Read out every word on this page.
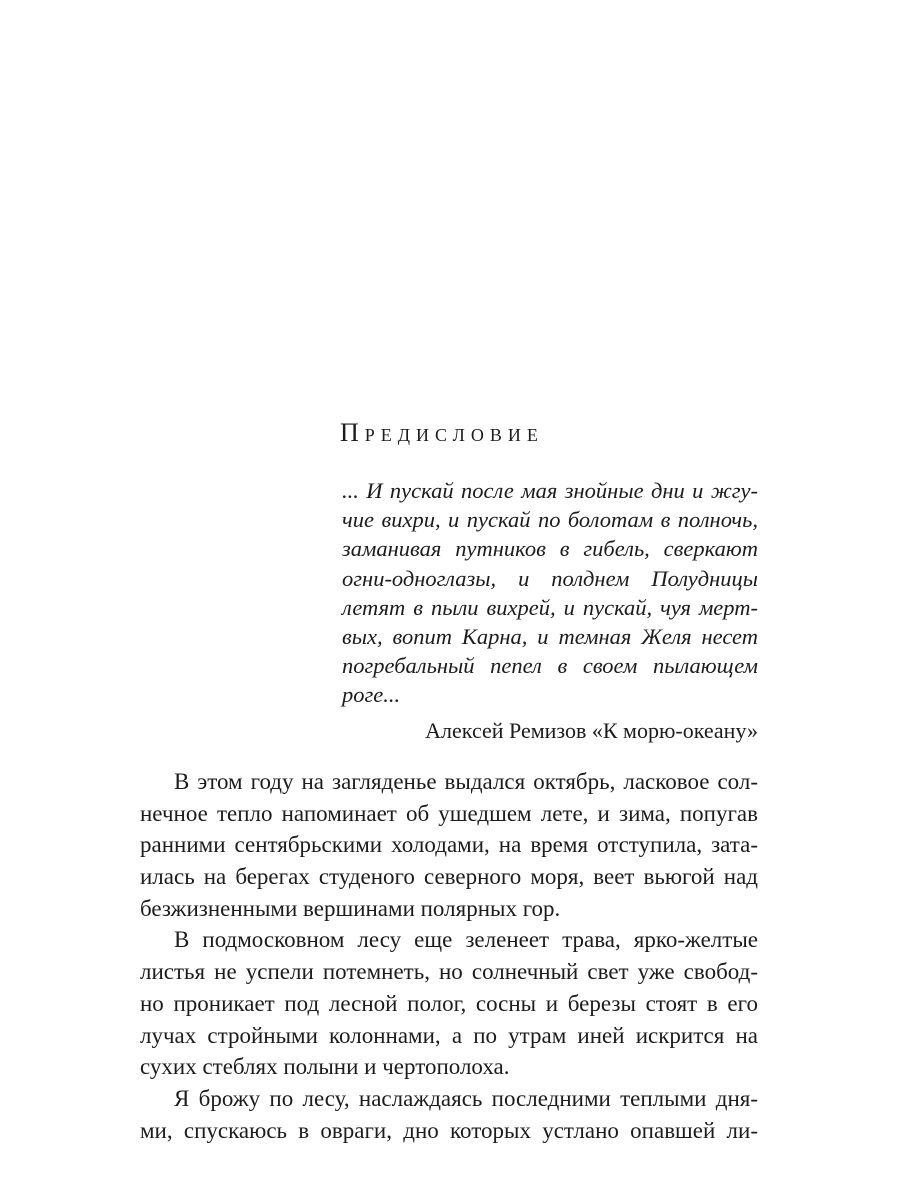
Предисловие
... И пускай после мая знойные дни и жгу-
чие вихри, и пускай по болотам в полночь,
заманивая путников в гибель, сверкают
огни-одноглазы, и полднем Полудницы
летят в пыли вихрей, и пускай, чуя мерт-
вых, вопит Карна, и темная Желя несет
погребальный пепел в своем пылающем
роге...
Алексей Ремизов «К морю-океану»
В этом году на загляденье выдался октябрь, ласковое сол-
нечное тепло напоминает об ушедшем лете, и зима, попугав
ранними сентябрьскими холодами, на время отступила, зата-
илась на берегах студеного северного моря, веет вьюгой над
безжизненными вершинами полярных гор.
В подмосковном лесу еще зеленеет трава, ярко-желтые
листья не успели потемнеть, но солнечный свет уже свобод-
но проникает под лесной полог, сосны и березы стоят в его
лучах стройными колоннами, а по утрам иней искрится на
сухих стеблях полыни и чертополоха.
Я брожу по лесу, наслаждаясь последними теплыми дня-
ми, спускаюсь в овраги, дно которых устлано опавшей ли-
